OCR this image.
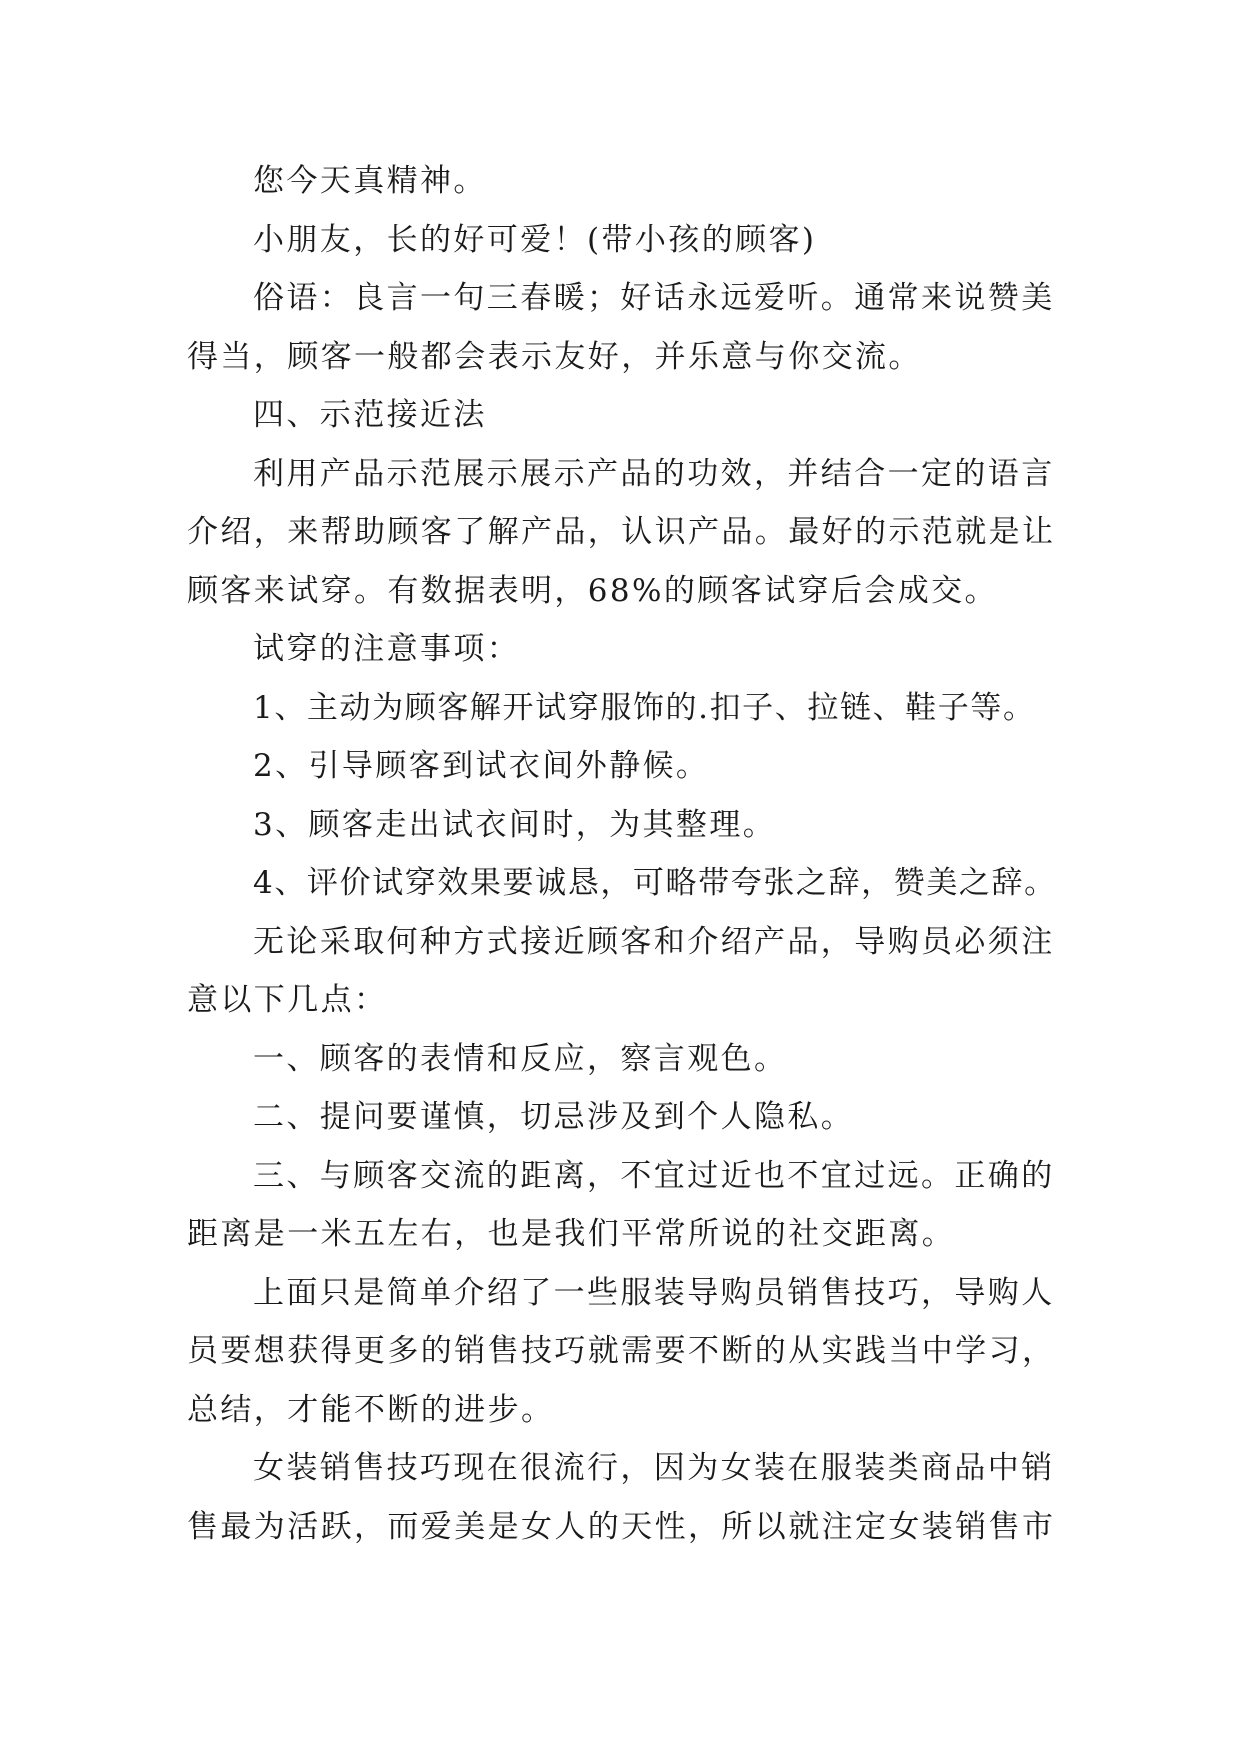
您今天真精神。

小朋友，长的好可爱！(带小孩的顾客)

俗语：良言一句三春暖；好话永远爱听。通常来说赞美得当，顾客一般都会表示友好，并乐意与你交流。

四、示范接近法

利用产品示范展示展示产品的功效，并结合一定的语言介绍，来帮助顾客了解产品，认识产品。最好的示范就是让顾客来试穿。有数据表明，68%的顾客试穿后会成交。

试穿的注意事项：

1、主动为顾客解开试穿服饰的.扣子、拉链、鞋子等。

2、引导顾客到试衣间外静候。

3、顾客走出试衣间时，为其整理。

4、评价试穿效果要诚恳，可略带夸张之辞，赞美之辞。

无论采取何种方式接近顾客和介绍产品，导购员必须注意以下几点：

一、顾客的表情和反应，察言观色。

二、提问要谨慎，切忌涉及到个人隐私。

三、与顾客交流的距离，不宜过近也不宜过远。正确的距离是一米五左右，也是我们平常所说的社交距离。

上面只是简单介绍了一些服装导购员销售技巧，导购人员要想获得更多的销售技巧就需要不断的从实践当中学习，总结，才能不断的进步。

女装销售技巧现在很流行，因为女装在服装类商品中销售最为活跃，而爱美是女人的天性，所以就注定女装销售市
